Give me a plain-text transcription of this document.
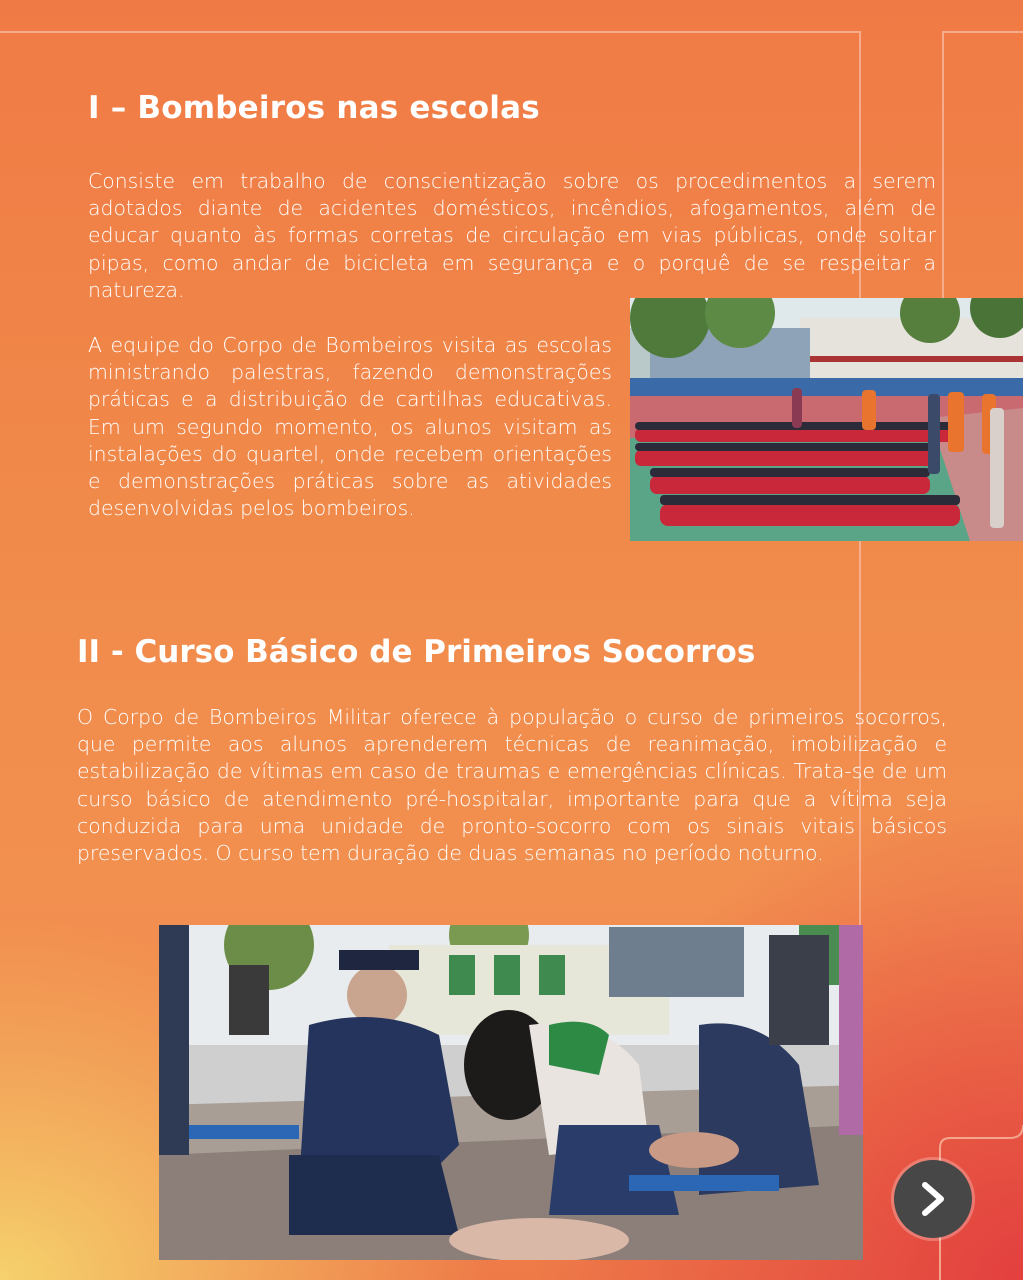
I – Bombeiros nas escolas

Consiste em trabalho de conscientização sobre os procedimentos a serem adotados diante de acidentes domésticos, incêndios, afogamentos, além de educar quanto às formas corretas de circulação em vias públicas, onde soltar pipas, como andar de bicicleta em segurança e o porquê de se respeitar a natureza.

A equipe do Corpo de Bombeiros visita as escolas ministrando palestras, fazendo demonstrações práticas e a distribuição de cartilhas educativas. Em um segundo momento, os alunos visitam as instalações do quartel, onde recebem orientações e demonstrações práticas sobre as atividades desenvolvidas pelos bombeiros.

II - Curso Básico de Primeiros Socorros

O Corpo de Bombeiros Militar oferece à população o curso de primeiros socorros, que permite aos alunos aprenderem técnicas de reanimação, imobilização e estabilização de vítimas em caso de traumas e emergências clínicas. Trata-se de um curso básico de atendimento pré-hospitalar, importante para que a vítima seja conduzida para uma unidade de pronto-socorro com os sinais vitais básicos preservados. O curso tem duração de duas semanas no período noturno.
